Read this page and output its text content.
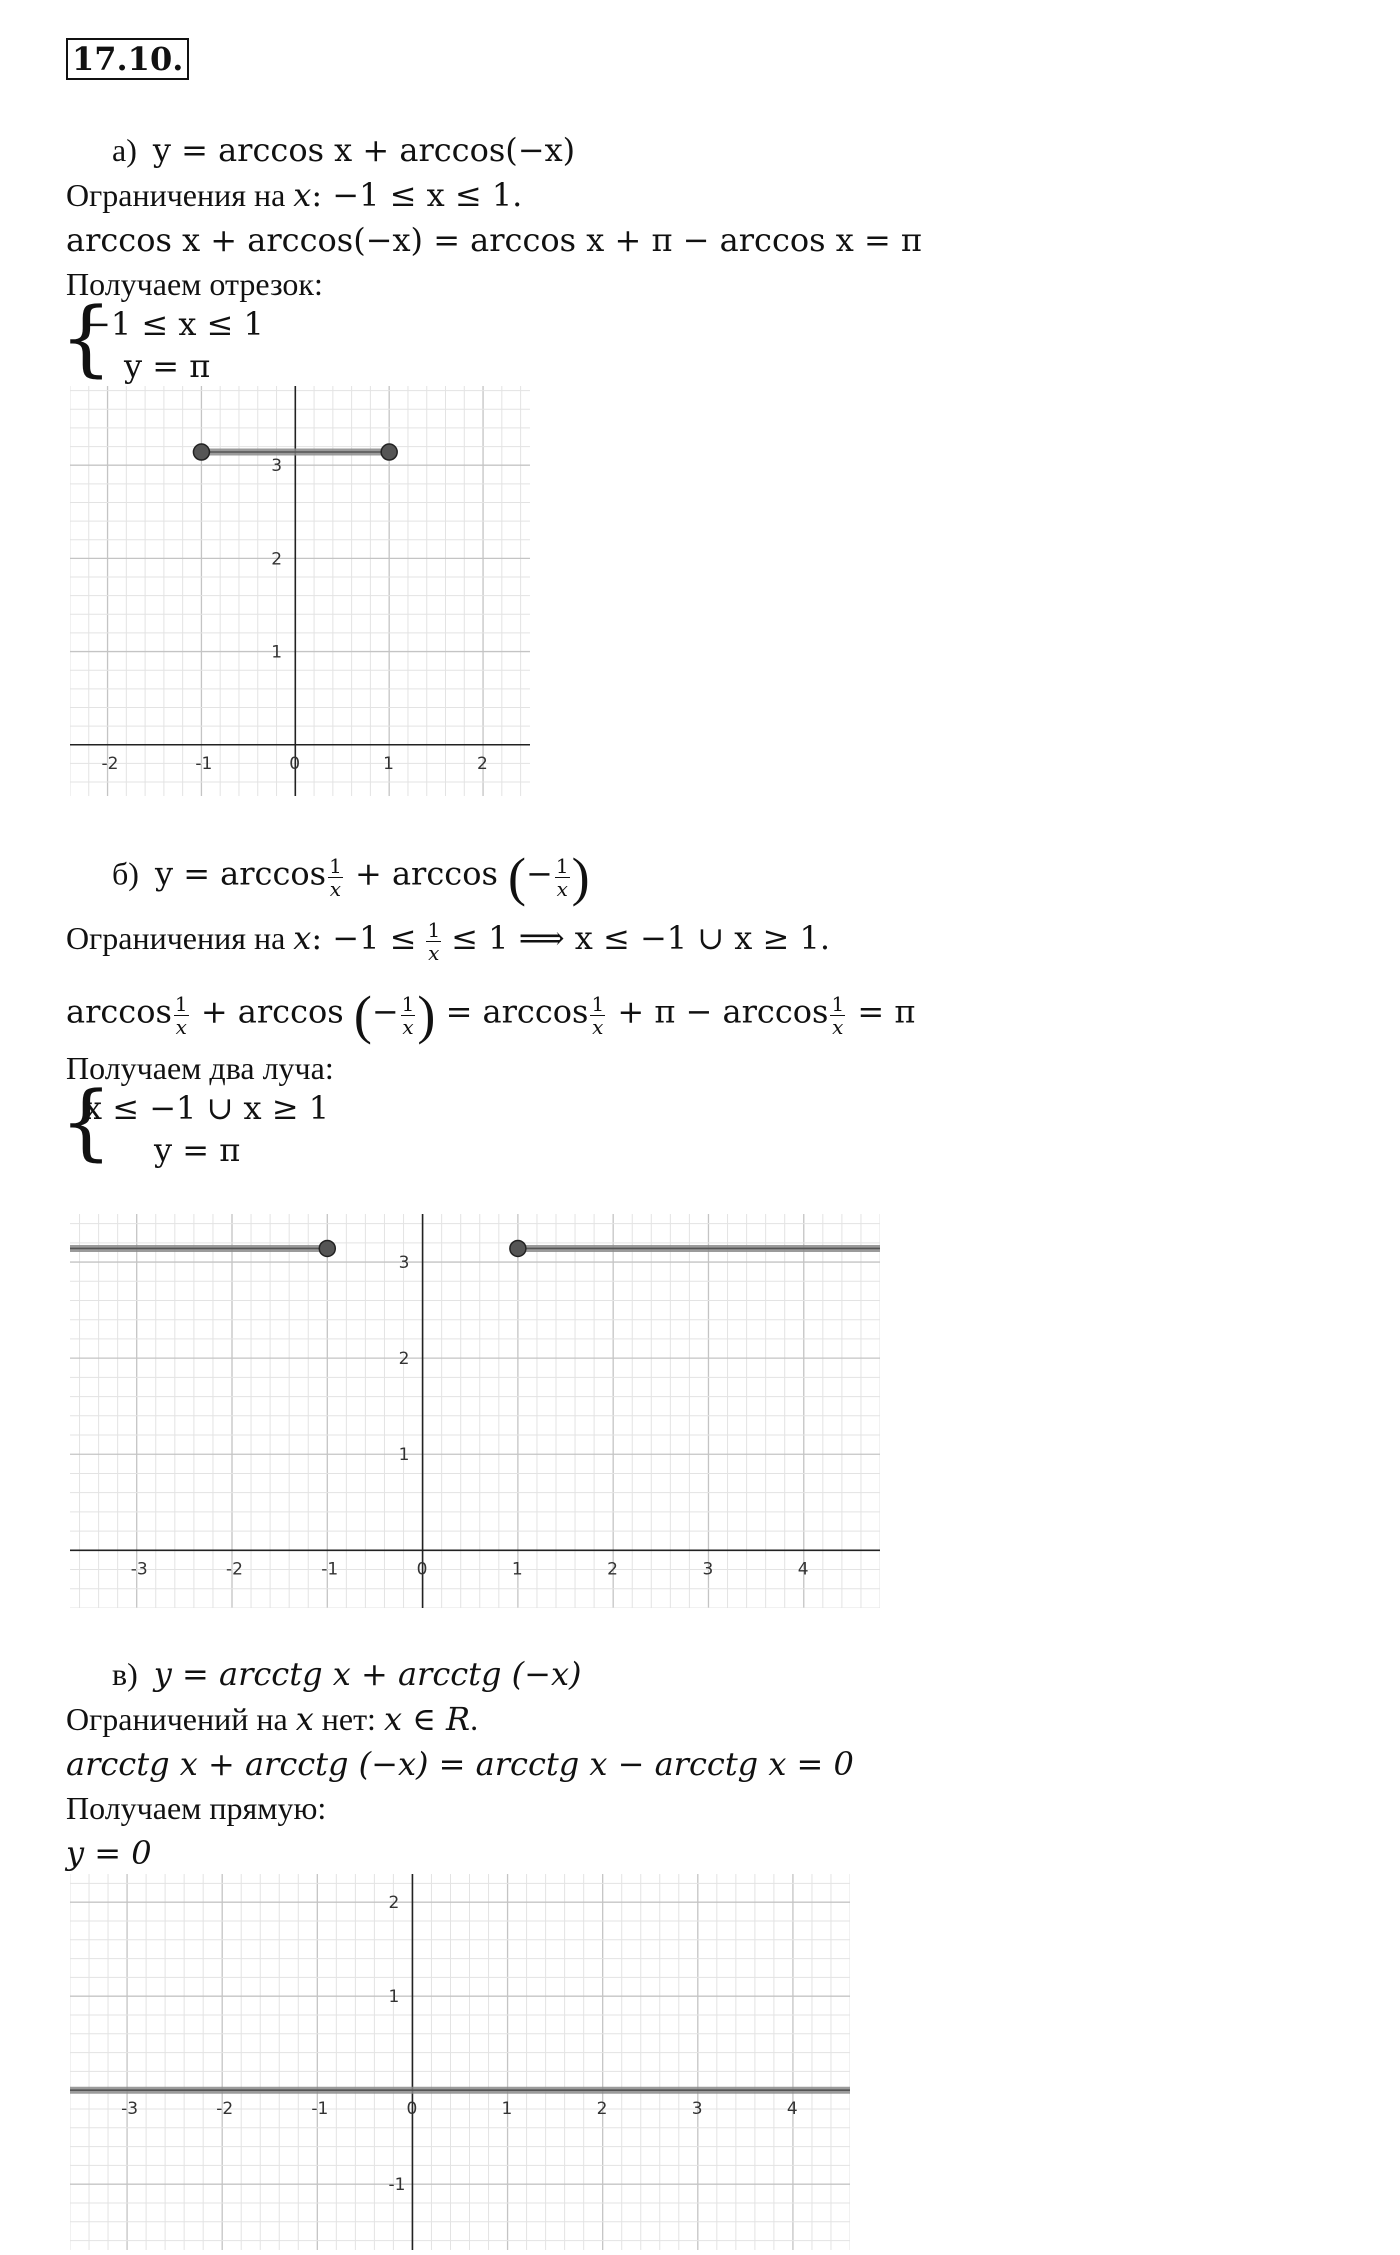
17.10.
а) y = arccos x + arccos(−x)
Ограничения на x: −1 ≤ x ≤ 1.
arccos x + arccos(−x) = arccos x + π − arccos x = π
Получаем отрезок:
{
−1 ≤ x ≤ 1
y = π
-2	-1	0	1	2
1
2
3
б) $y = \arccos \frac{1}{x} + \arccos$ (− $\frac{1}{x}$ )
Ограничения на x: $-1 \le \frac{1}{x} \le 1$ ⟹ x ≤ −1 ∪ x ≥ 1.
$\arccos \frac{1}{x} + \arccos$ (− $\frac{1}{x}$ ) = $\arccos \frac{1}{x} + \pi - \arccos \frac{1}{x} = \pi$
Получаем два луча:
{
x ≤ −1 ∪ x ≥ 1
y = π
-3	-2	-1	0	1	2	3	4
1
2
3
в) y = arcctg x + arcctg (−x)
Ограничений на x нет: x ∈ R.
arcctg x + arcctg (−x) = arcctg x − arcctg x = 0
Получаем прямую:
y = 0
-3	-2	-1	0	1	2	3	4
2
1
-1
